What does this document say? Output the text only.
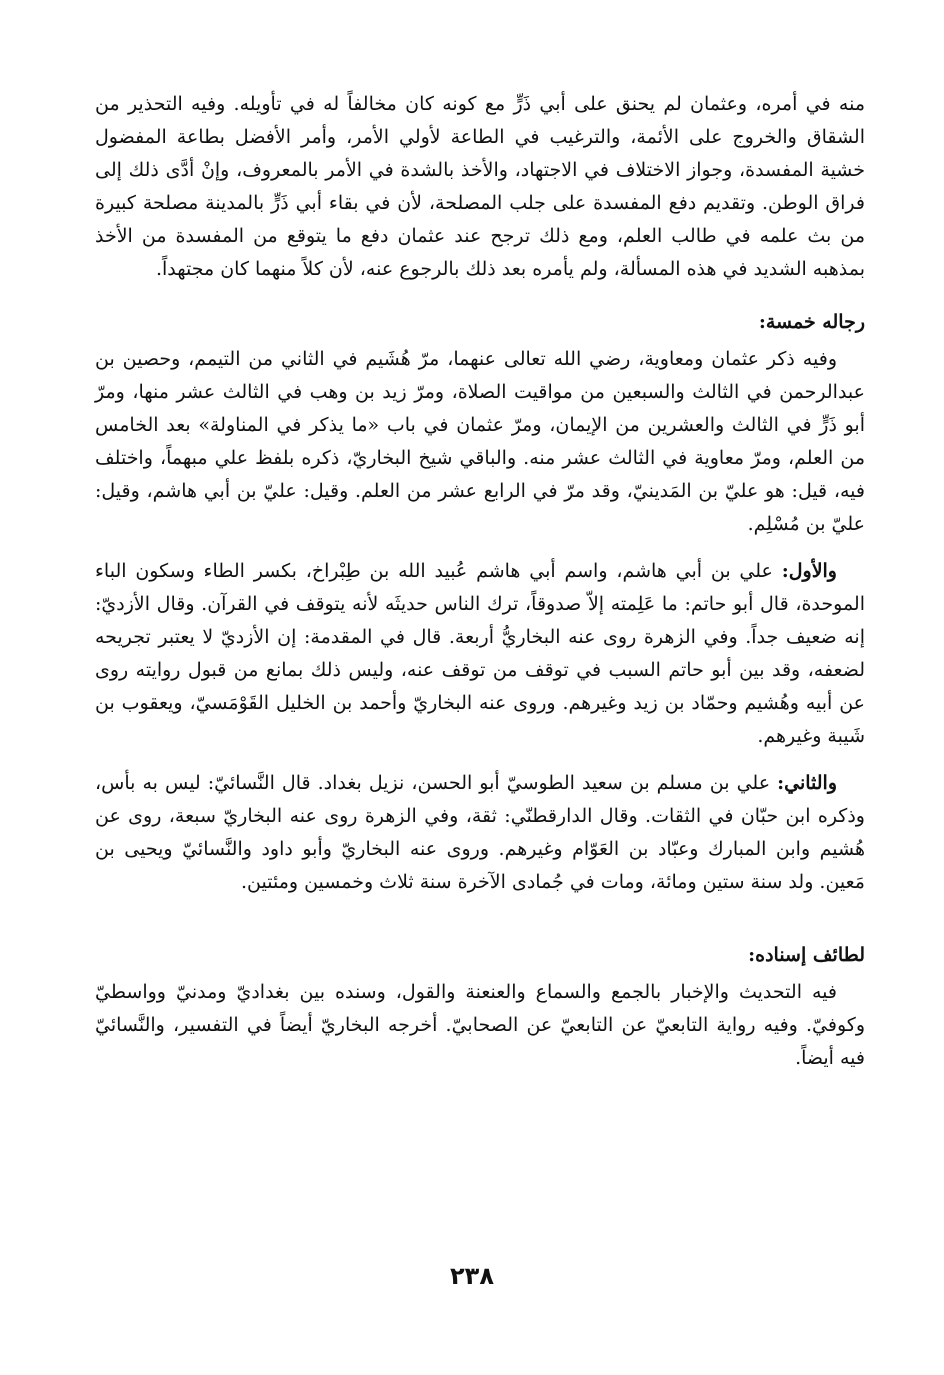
منه في أمره، وعثمان لم يحنق على أبي ذَرٍّ مع كونه كان مخالفاً له في تأويله. وفيه التحذير من الشقاق والخروج على الأئمة، والترغيب في الطاعة لأولي الأمر، وأمر الأفضل بطاعة المفضول خشية المفسدة، وجواز الاختلاف في الاجتهاد، والأخذ بالشدة في الأمر بالمعروف، وإنْ أدَّى ذلك إلى فراق الوطن. وتقديم دفع المفسدة على جلب المصلحة، لأن في بقاء أبي ذَرٍّ بالمدينة مصلحة كبيرة من بث علمه في طالب العلم، ومع ذلك ترجح عند عثمان دفع ما يتوقع من المفسدة من الأخذ بمذهبه الشديد في هذه المسألة، ولم يأمره بعد ذلك بالرجوع عنه، لأن كلاً منهما كان مجتهداً.

رجاله خمسة:

وفيه ذكر عثمان ومعاوية، رضي الله تعالى عنهما، مرّ هُشَيم في الثاني من التيمم، وحصين بن عبدالرحمن في الثالث والسبعين من مواقيت الصلاة، ومرّ زيد بن وهب في الثالث عشر منها، ومرّ أبو ذَرٍّ في الثالث والعشرين من الإيمان، ومرّ عثمان في باب «ما يذكر في المناولة» بعد الخامس من العلم، ومرّ معاوية في الثالث عشر منه. والباقي شيخ البخاريّ، ذكره بلفظ علي مبهماً، واختلف فيه، قيل: هو عليّ بن المَدينيّ، وقد مرّ في الرابع عشر من العلم. وقيل: عليّ بن أبي هاشم، وقيل: عليّ بن مُسْلِم.

والأول: علي بن أبي هاشم، واسم أبي هاشم عُبيد الله بن طِبْراخ، بكسر الطاء وسكون الباء الموحدة، قال أبو حاتم: ما عَلِمته إلاّ صدوقاً، ترك الناس حديثَه لأنه يتوقف في القرآن. وقال الأزديّ: إنه ضعيف جداً. وفي الزهرة روى عنه البخاريُّ أربعة. قال في المقدمة: إن الأزديّ لا يعتبر تجريحه لضعفه، وقد بين أبو حاتم السبب في توقف من توقف عنه، وليس ذلك بمانع من قبول روايته روى عن أبيه وهُشيم وحمّاد بن زيد وغيرهم. وروى عنه البخاريّ وأحمد بن الخليل القَوْمَسيّ، ويعقوب بن شَيبة وغيرهم.

والثاني: علي بن مسلم بن سعيد الطوسيّ أبو الحسن، نزيل بغداد. قال النَّسائيّ: ليس به بأس، وذكره ابن حبّان في الثقات. وقال الدارقطنّي: ثقة، وفي الزهرة روى عنه البخاريّ سبعة، روى عن هُشيم وابن المبارك وعبّاد بن العَوّام وغيرهم. وروى عنه البخاريّ وأبو داود والنَّسائيّ ويحيى بن مَعين. ولد سنة ستين ومائة، ومات في جُمادى الآخرة سنة ثلاث وخمسين ومئتين.

لطائف إسناده:

فيه التحديث والإخبار بالجمع والسماع والعنعنة والقول، وسنده بين بغداديّ ومدنيّ وواسطيّ وكوفيّ. وفيه رواية التابعيّ عن التابعيّ عن الصحابيّ. أخرجه البخاريّ أيضاً في التفسير، والنَّسائيّ فيه أيضاً.

٢٣٨
